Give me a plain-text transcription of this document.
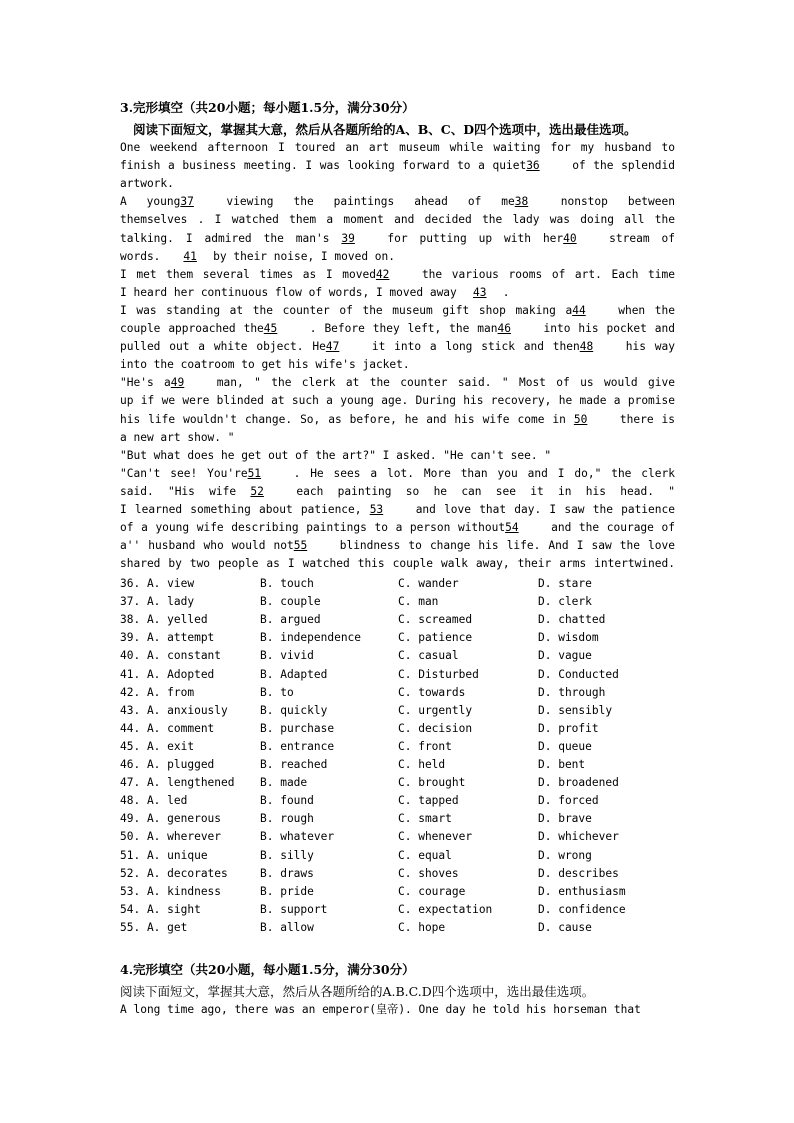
3.完形填空（共20小题；每小题1.5分，满分30分）
阅读下面短文，掌握其大意，然后从各题所给的A、B、C、D四个选项中，选出最佳选项。
One weekend afternoon I toured an art museum while waiting for my husband to
finish a business meeting. I was looking forward to a quiet36	of the splendid
artwork.
A young37	viewing the paintings ahead of me38	nonstop between
themselves . I watched them a moment and decided the lady was doing all the
talking. I admired the man's 39	for putting up with her40	stream of
words. 41 by their noise, I moved on.
I met them several times as I moved42	the various rooms of art. Each time
I heard her continuous flow of words, I moved away 43 .
I was standing at the counter of the museum gift shop making a44	when the
couple approached the45	. Before they left, the man46	into his pocket and
pulled out a white object. He47	it into a long stick and then48	his way
into the coatroom to get his wife's jacket.
"He's a49	man, " the clerk at the counter said. " Most of us would give
up if we were blinded at such a young age. During his recovery, he made a promise
his life wouldn't change. So, as before, he and his wife come in 50	there is
a new art show. "
"But what does he get out of the art?" I asked. "He can't see. "
"Can't see! You're51	. He sees a lot. More than you and I do," the clerk
said. "His wife 52	each painting so he can see it in his head. "
I learned something about patience, 53	and love that day. I saw the patience
of a young wife describing paintings to a person without54	and the courage of
a'' husband who would not55	blindness to change his life. And I saw the love
shared by two people as I watched this couple walk away, their arms intertwined.
36. A. view	B. touch	C. wander	D. stare
37. A. lady	B. couple	C. man	D. clerk
38. A. yelled	B. argued	C. screamed	D. chatted
39. A. attempt	B. independence	C. patience	D. wisdom
40. A. constant	B. vivid	C. casual	D. vague
41. A. Adopted	B. Adapted	C. Disturbed	D. Conducted
42. A. from	B. to	C. towards	D. through
43. A. anxiously	B. quickly	C. urgently	D. sensibly
44. A. comment	B. purchase	C. decision	D. profit
45. A. exit	B. entrance	C. front	D. queue
46. A. plugged	B. reached	C. held	D. bent
47. A. lengthened B. made	C. brought	D. broadened
48. A. led	B. found	C. tapped	D. forced
49. A. generous	B. rough	C. smart	D. brave
50. A. wherever	B. whatever	C. whenever	D. whichever
51. A. unique	B. silly	C. equal	D. wrong
52. A. decorates	B. draws	C. shoves	D. describes
53. A. kindness	B. pride	C. courage	D. enthusiasm
54. A. sight	B. support	C. expectation	D. confidence
55. A. get	B. allow	C. hope	D. cause
4.完形填空（共20小题，每小题1.5分，满分30分）
阅读下面短文，掌握其大意，然后从各题所给的A.B.C.D四个选项中，选出最佳选项。
A long time ago, there was an emperor(皇帝). One day he told his horseman that
